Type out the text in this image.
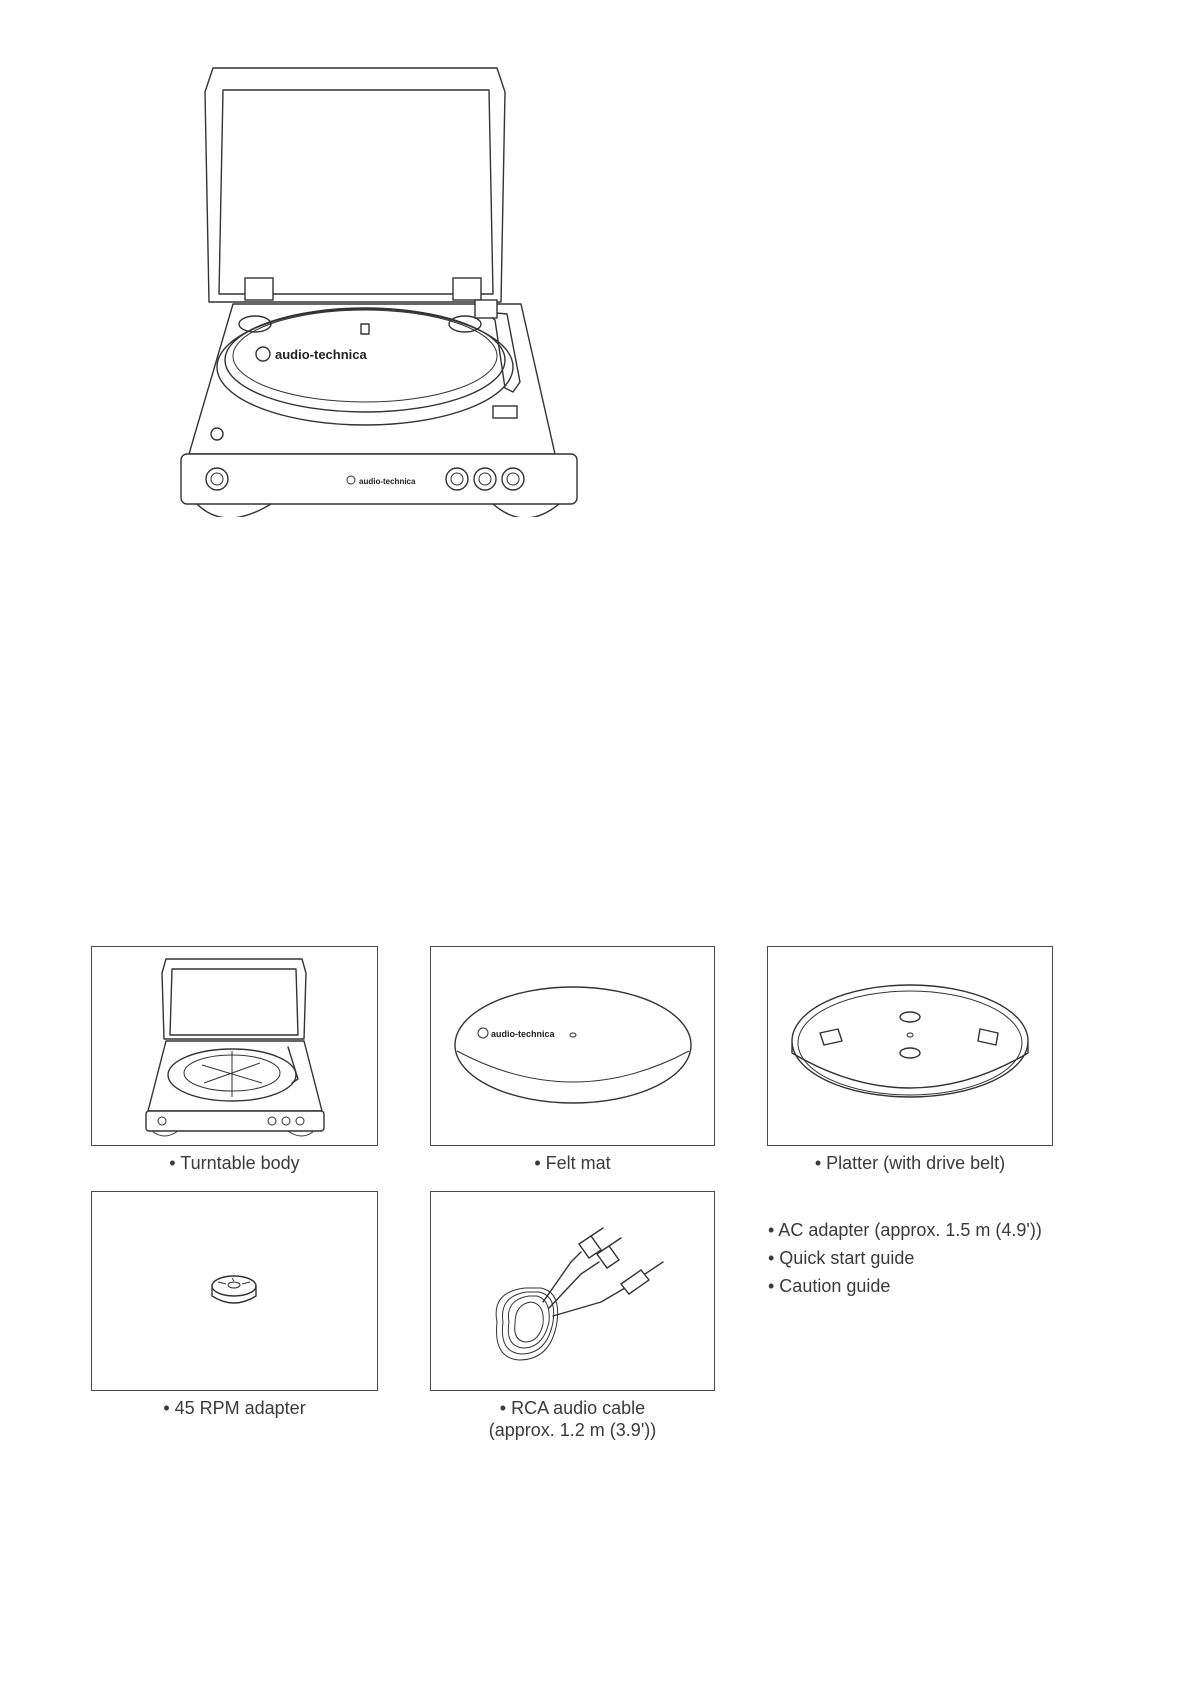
audio-technica
audio-technica
• Turntable body
audio-technica
• Felt mat	• Platter (with drive belt)
• 45 RPM adapter	• RCA audio cable
(approx. 1.2 m (3.9'))
• AC adapter (approx. 1.5 m (4.9'))
• Quick start guide
• Caution guide
